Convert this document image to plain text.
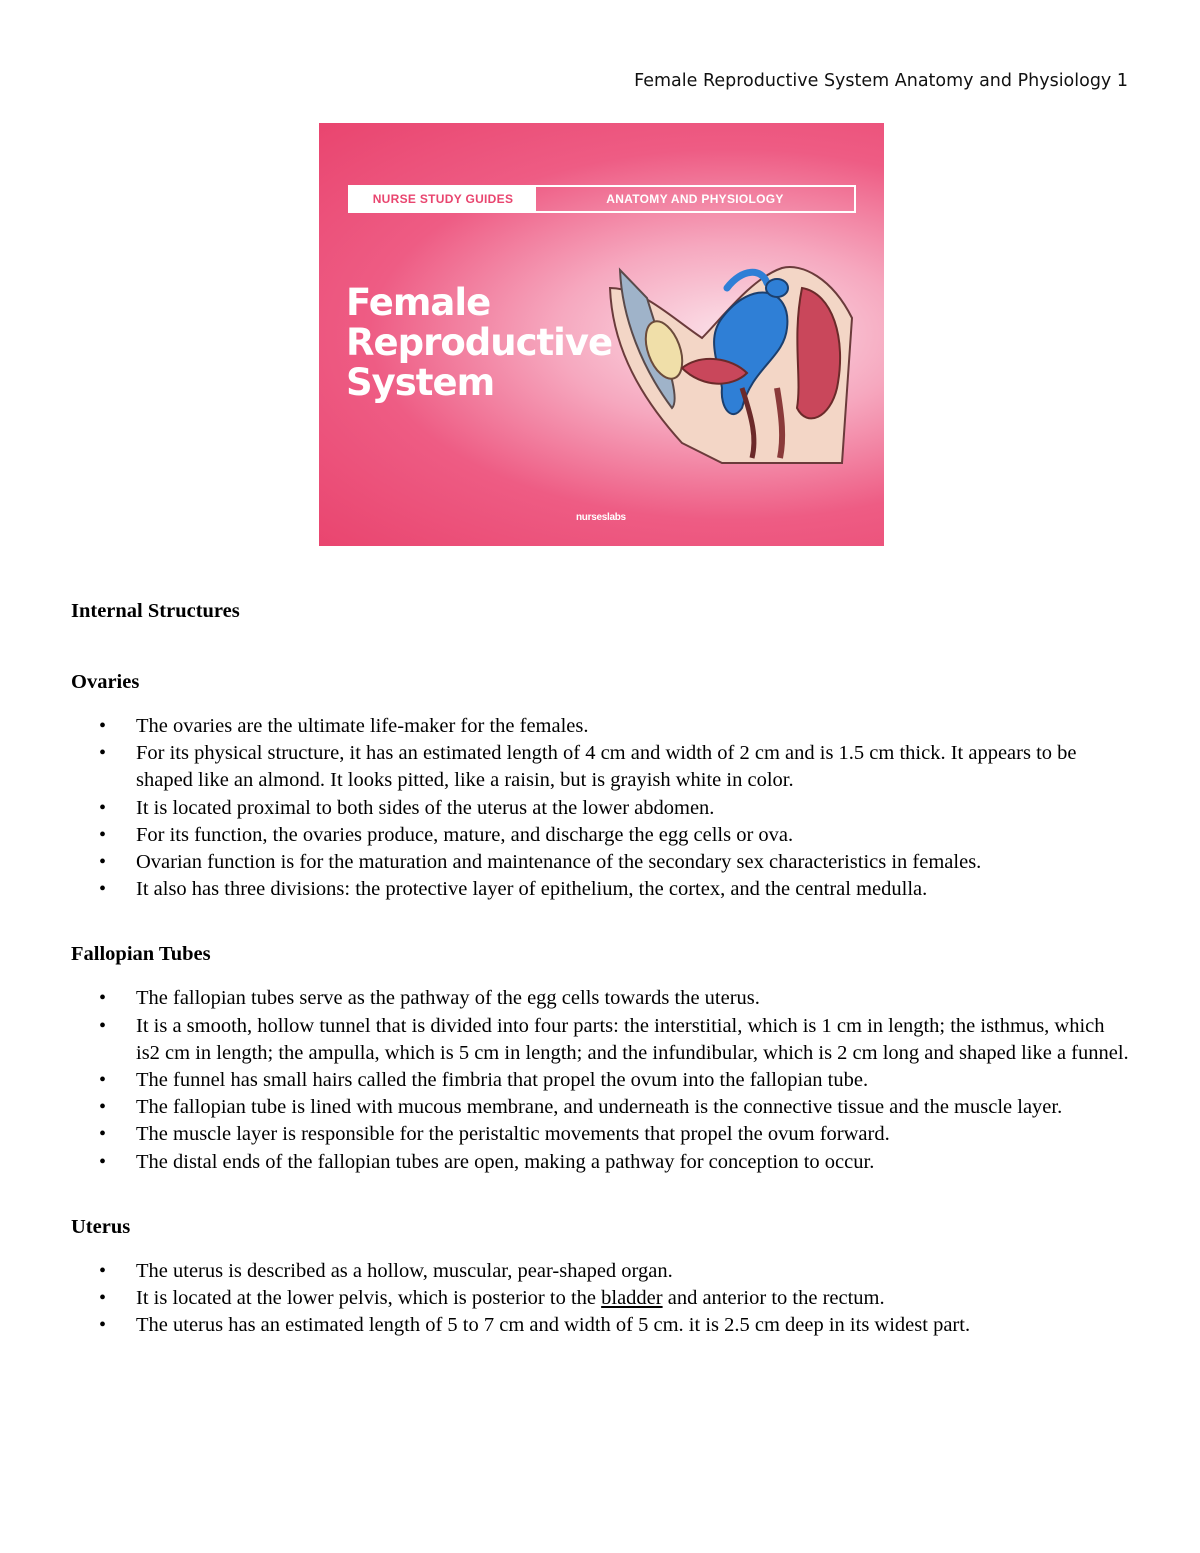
Female Reproductive System Anatomy and Physiology 1
NURSE STUDY GUIDES	ANATOMY AND PHYSIOLOGY
Female
Reproductive
System
nurseslabs

Internal Structures

Ovaries

• The ovaries are the ultimate life-maker for the females.
• For its physical structure, it has an estimated length of 4 cm and width of 2 cm and is 1.5 cm thick. It appears to be shaped like an almond. It looks pitted, like a raisin, but is grayish white in color.
• It is located proximal to both sides of the uterus at the lower abdomen.
• For its function, the ovaries produce, mature, and discharge the egg cells or ova.
• Ovarian function is for the maturation and maintenance of the secondary sex characteristics in females.
• It also has three divisions: the protective layer of epithelium, the cortex, and the central medulla.

Fallopian Tubes

• The fallopian tubes serve as the pathway of the egg cells towards the uterus.
• It is a smooth, hollow tunnel that is divided into four parts: the interstitial, which is 1 cm in length; the isthmus, which is2 cm in length; the ampulla, which is 5 cm in length; and the infundibular, which is 2 cm long and shaped like a funnel.
• The funnel has small hairs called the fimbria that propel the ovum into the fallopian tube.
• The fallopian tube is lined with mucous membrane, and underneath is the connective tissue and the muscle layer.
• The muscle layer is responsible for the peristaltic movements that propel the ovum forward.
• The distal ends of the fallopian tubes are open, making a pathway for conception to occur.

Uterus

• The uterus is described as a hollow, muscular, pear-shaped organ.
• It is located at the lower pelvis, which is posterior to the bladder and anterior to the rectum.
• The uterus has an estimated length of 5 to 7 cm and width of 5 cm. it is 2.5 cm deep in its widest part.
